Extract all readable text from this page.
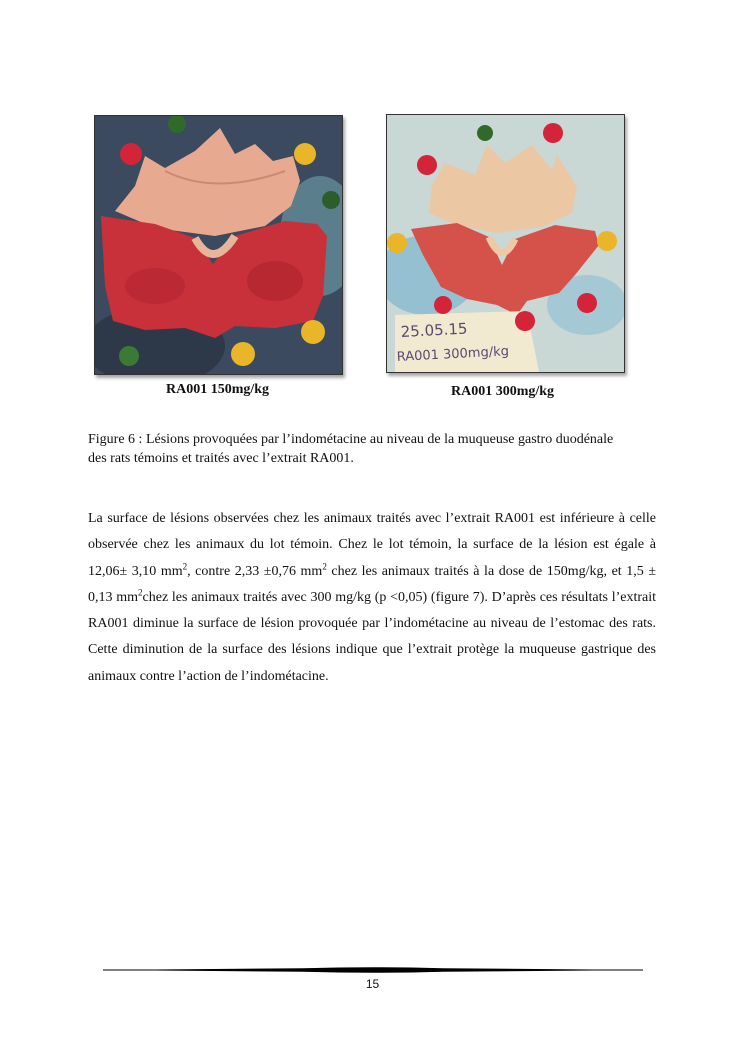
25.05.15
RA001 300mg/kg
RA001 150mg/kg	RA001 300mg/kg
Figure 6 : Lésions provoquées par l’indométacine au niveau de la muqueuse gastro duodénale
des rats témoins et traités avec l’extrait RA001.

La surface de lésions observées chez les animaux traités avec l’extrait RA001 est inférieure à celle observée chez les animaux du lot témoin. Chez le lot témoin, la surface de la lésion est égale à 12,06± 3,10 $mm^2$, contre 2,33 ±0,76 $mm^2$ chez les animaux traités à la dose de 150mg/kg, et 1,5 ± 0,13 $mm^2chez$ les animaux traités avec 300 mg/kg (p <0,05) (figure 7). D’après ces résultats l’extrait RA001 diminue la surface de lésion provoquée par l’indométacine au niveau de l’estomac des rats. Cette diminution de la surface des lésions indique que l’extrait protège la muqueuse gastrique des animaux contre l’action de l’indométacine.

15
